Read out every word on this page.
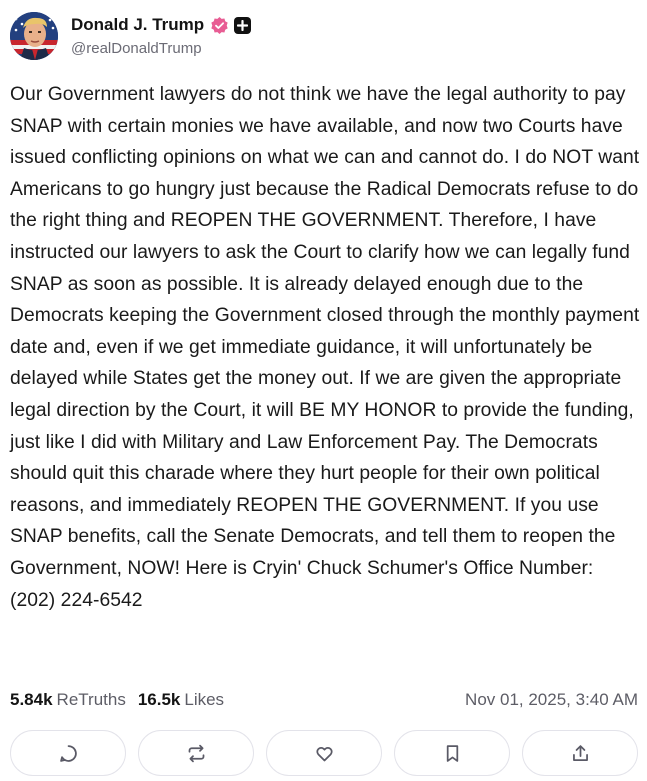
Donald J. Trump
@realDonaldTrump
Our Government lawyers do not think we have the legal authority to pay SNAP with certain monies we have available, and now two Courts have issued conflicting opinions on what we can and cannot do. I do NOT want Americans to go hungry just because the Radical Democrats refuse to do the right thing and REOPEN THE GOVERNMENT. Therefore, I have instructed our lawyers to ask the Court to clarify how we can legally fund SNAP as soon as possible. It is already delayed enough due to the Democrats keeping the Government closed through the monthly payment date and, even if we get immediate guidance, it will unfortunately be delayed while States get the money out. If we are given the appropriate legal direction by the Court, it will BE MY HONOR to provide the funding, just like I did with Military and Law Enforcement Pay. The Democrats should quit this charade where they hurt people for their own political reasons, and immediately REOPEN THE GOVERNMENT. If you use SNAP benefits, call the Senate Democrats, and tell them to reopen the Government, NOW! Here is Cryin' Chuck Schumer's Office Number: (202) 224-6542
5.84k ReTruths 16.5k Likes	Nov 01, 2025, 3:40 AM
